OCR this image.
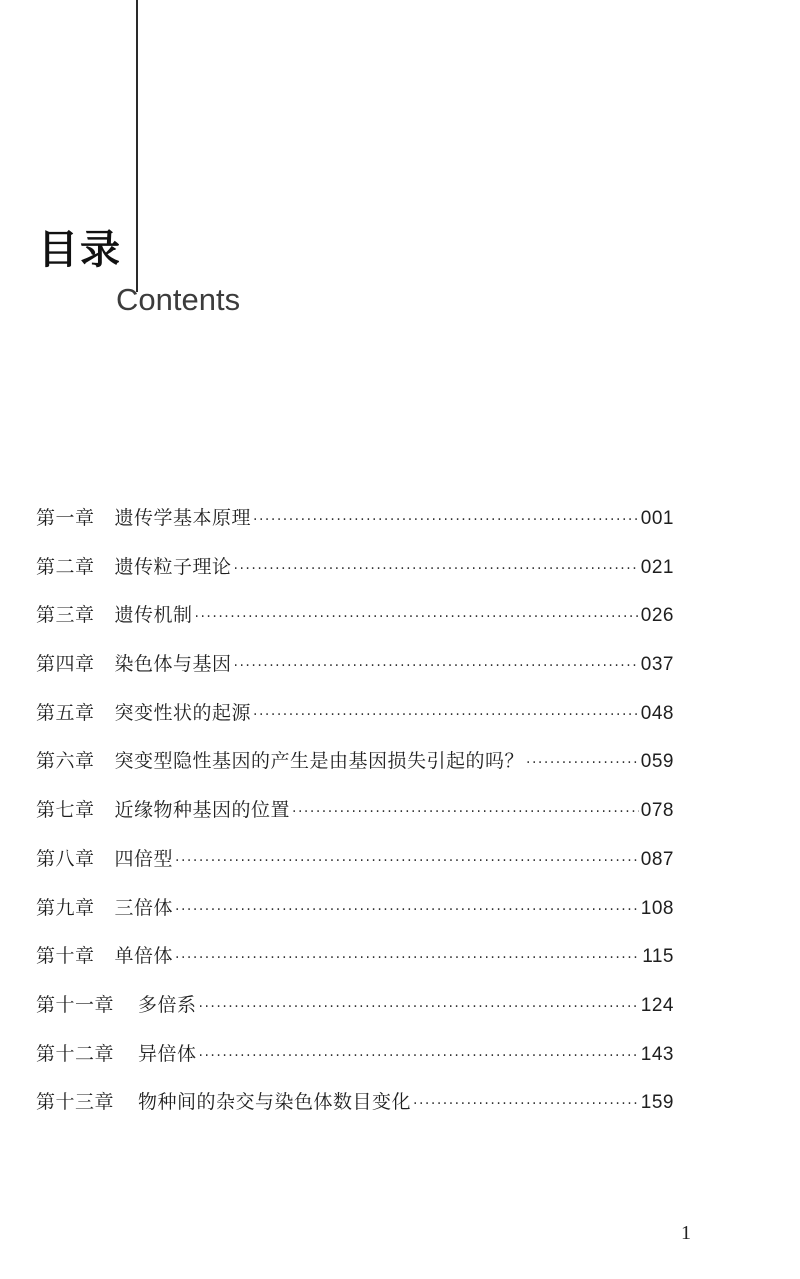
目录
Contents
第一章 遗传学基本原理 ·····	001
第二章 遗传粒子理论 ·····	021
第三章 遗传机制 ·····	026
第四章 染色体与基因 ·····	037
第五章 突变性状的起源 ·····	048
第六章 突变型隐性基因的产生是由基因损失引起的吗？ ·····	059
第七章 近缘物种基因的位置 ·····	078
第八章 四倍型 ·····	087
第九章 三倍体 ·····	108
第十章 单倍体 ·····	115
第十一章 多倍系 ·····	124
第十二章 异倍体 ·····	143
第十三章 物种间的杂交与染色体数目变化 ·····	159
1
